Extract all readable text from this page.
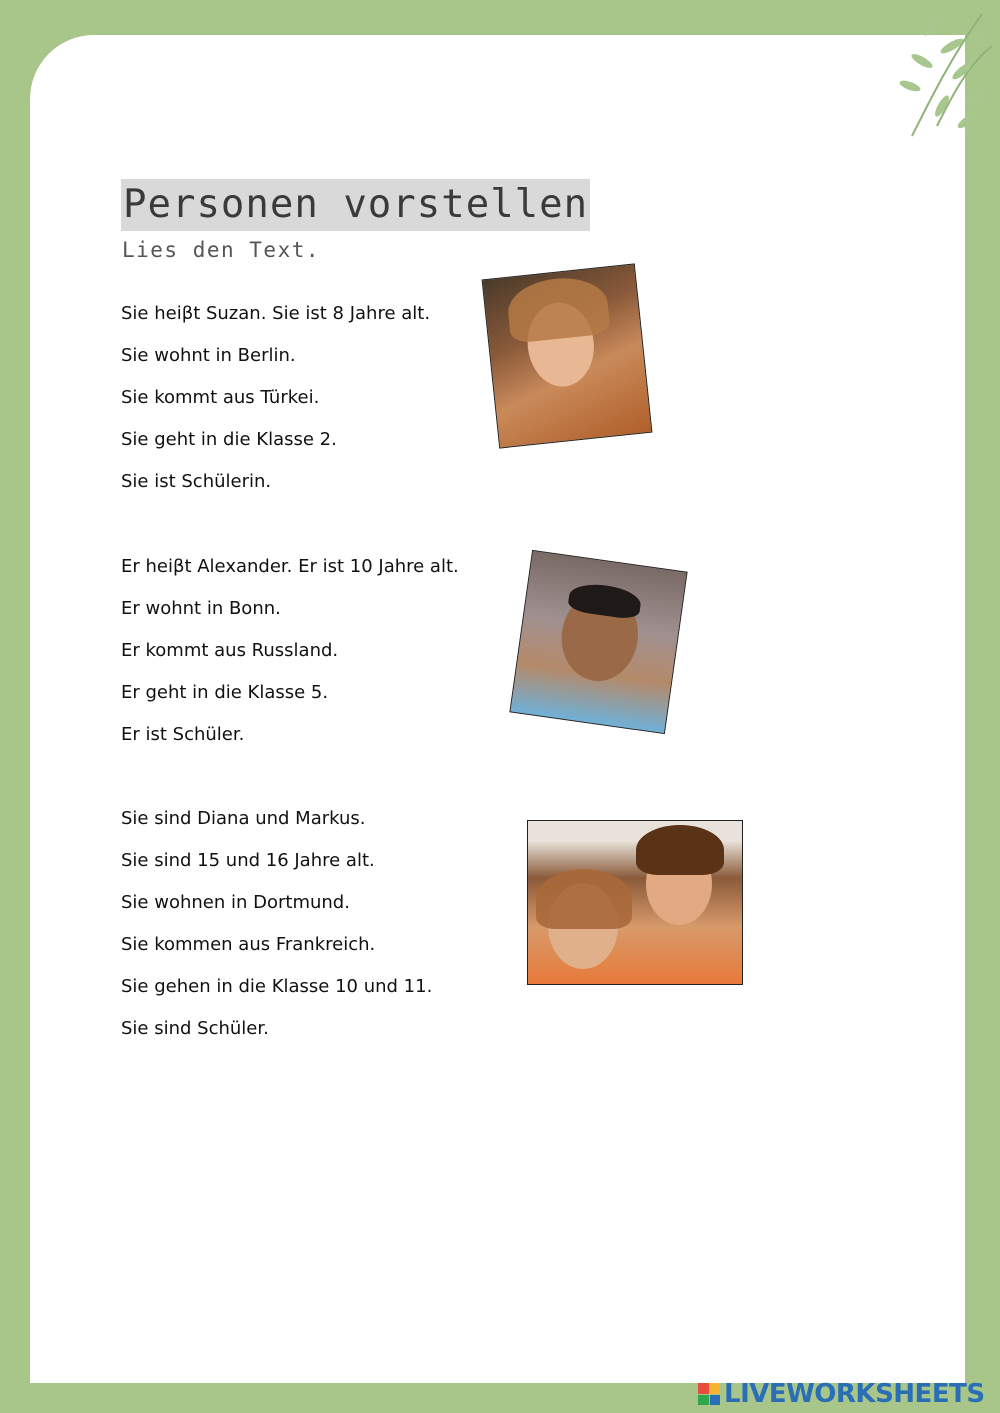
Personen vorstellen
Lies den Text.
Sie heiβt Suzan. Sie ist 8 Jahre alt.
Sie wohnt in Berlin.
Sie kommt aus Türkei.
Sie geht in die Klasse 2.
Sie ist Schülerin.
Er heiβt Alexander. Er ist 10 Jahre alt.
Er wohnt in Bonn.
Er kommt aus Russland.
Er geht in die Klasse 5.
Er ist Schüler.
Sie sind Diana und Markus.
Sie sind 15 und 16 Jahre alt.
Sie wohnen in Dortmund.
Sie kommen aus Frankreich.
Sie gehen in die Klasse 10 und 11.
Sie sind Schüler.
LIVEWORKSHEETS
